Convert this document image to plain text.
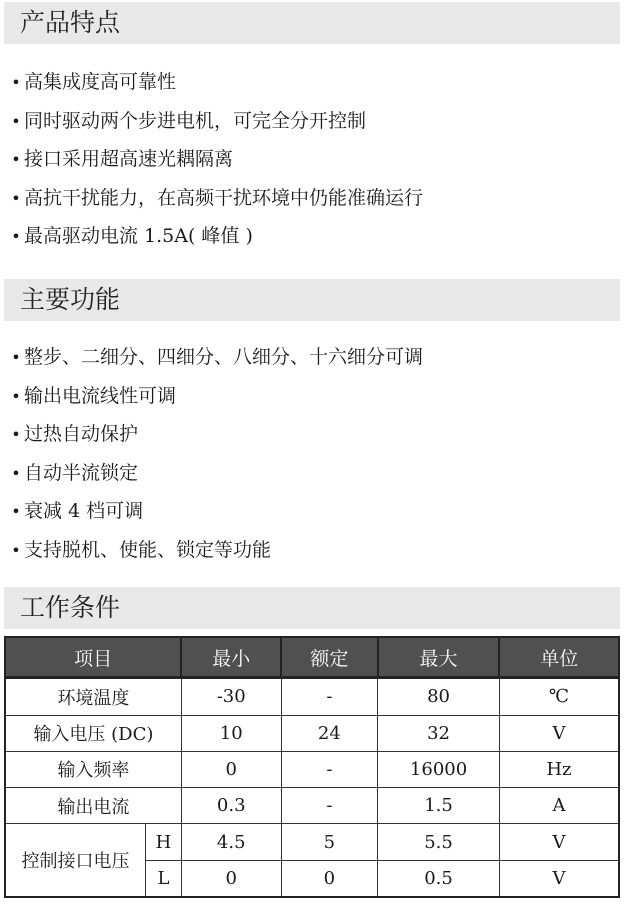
产品特点
• 高集成度高可靠性
• 同时驱动两个步进电机，可完全分开控制
• 接口采用超高速光耦隔离
• 高抗干扰能力，在高频干扰环境中仍能准确运行
• 最高驱动电流 1.5A( 峰值 )
主要功能
• 整步、二细分、四细分、八细分、十六细分可调
• 输出电流线性可调
• 过热自动保护
• 自动半流锁定
• 衰减 4 档可调
• 支持脱机、使能、锁定等功能
工作条件
项目		最小	额定	最大	单位
环境温度		-30	-	80	℃
输入电压 (DC)		10	24	32	V
输入频率		0	-	16000	Hz
输出电流		0.3	-	1.5	A
控制接口电压	H	4.5	5	5.5	V
	L	0	0	0.5	V
